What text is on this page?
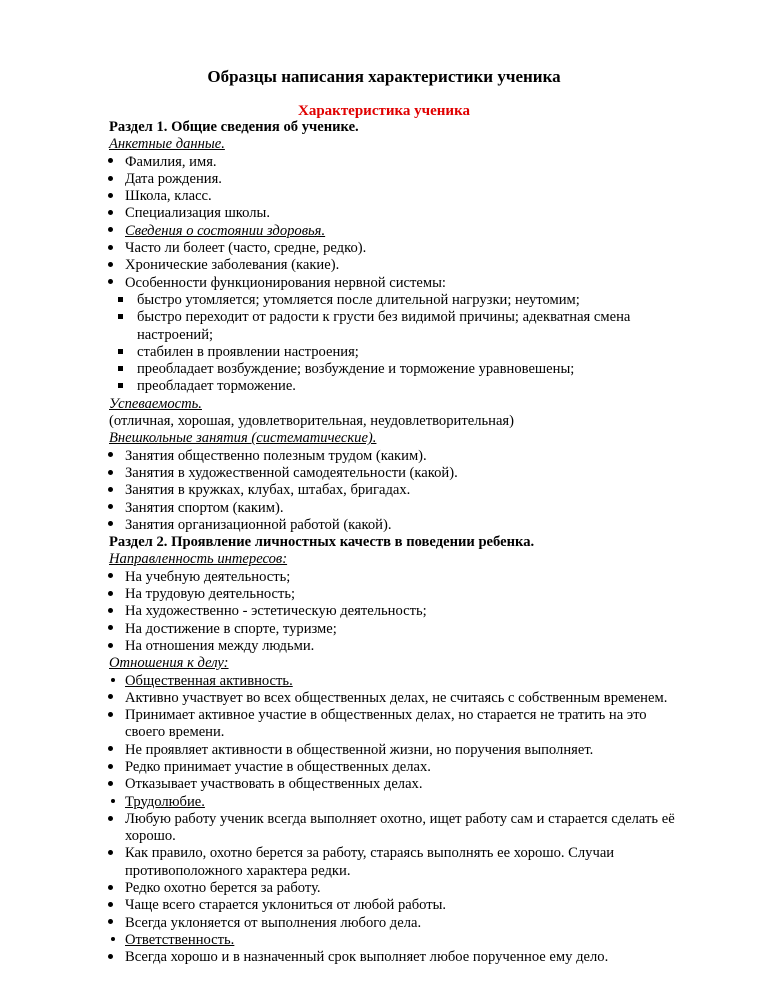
Образцы написания характеристики ученика
Характеристика ученика
Раздел 1. Общие сведения об ученике.
Анкетные данные.
Фамилия, имя.
Дата рождения.
Школа, класс.
Специализация школы.
Сведения о состоянии здоровья.
Часто ли болеет (часто, средне, редко).
Хронические заболевания (какие).
Особенности функционирования нервной системы:
быстро утомляется; утомляется после длительной нагрузки; неутомим;
быстро переходит от радости к грусти без видимой причины; адекватная смена настроений;
стабилен в проявлении настроения;
преобладает возбуждение; возбуждение и торможение уравновешены;
преобладает торможение.
Успеваемость.
(отличная, хорошая, удовлетворительная, неудовлетворительная)
Внешкольные занятия (систематические).
Занятия общественно полезным трудом (каким).
Занятия в художественной самодеятельности (какой).
Занятия в кружках, клубах, штабах, бригадах.
Занятия спортом (каким).
Занятия организационной работой (какой).
Раздел 2. Проявление личностных качеств в поведении ребенка.
Направленность интересов:
На учебную деятельность;
На трудовую деятельность;
На художественно - эстетическую деятельность;
На достижение в спорте, туризме;
На отношения между людьми.
Отношения к делу:
Общественная активность.
Активно участвует во всех общественных делах, не считаясь с собственным временем.
Принимает активное участие в общественных делах, но старается не тратить на это своего времени.
Не проявляет активности в общественной жизни, но поручения выполняет.
Редко принимает участие в общественных делах.
Отказывает участвовать в общественных делах.
Трудолюбие.
Любую работу ученик всегда выполняет охотно, ищет работу сам и старается сделать её хорошо.
Как правило, охотно берется за работу, стараясь выполнять ее хорошо. Случаи противоположного характера редки.
Редко охотно берется за работу.
Чаще всего старается уклониться от любой работы.
Всегда уклоняется от выполнения любого дела.
Ответственность.
Всегда хорошо и в назначенный срок выполняет любое порученное ему дело.
